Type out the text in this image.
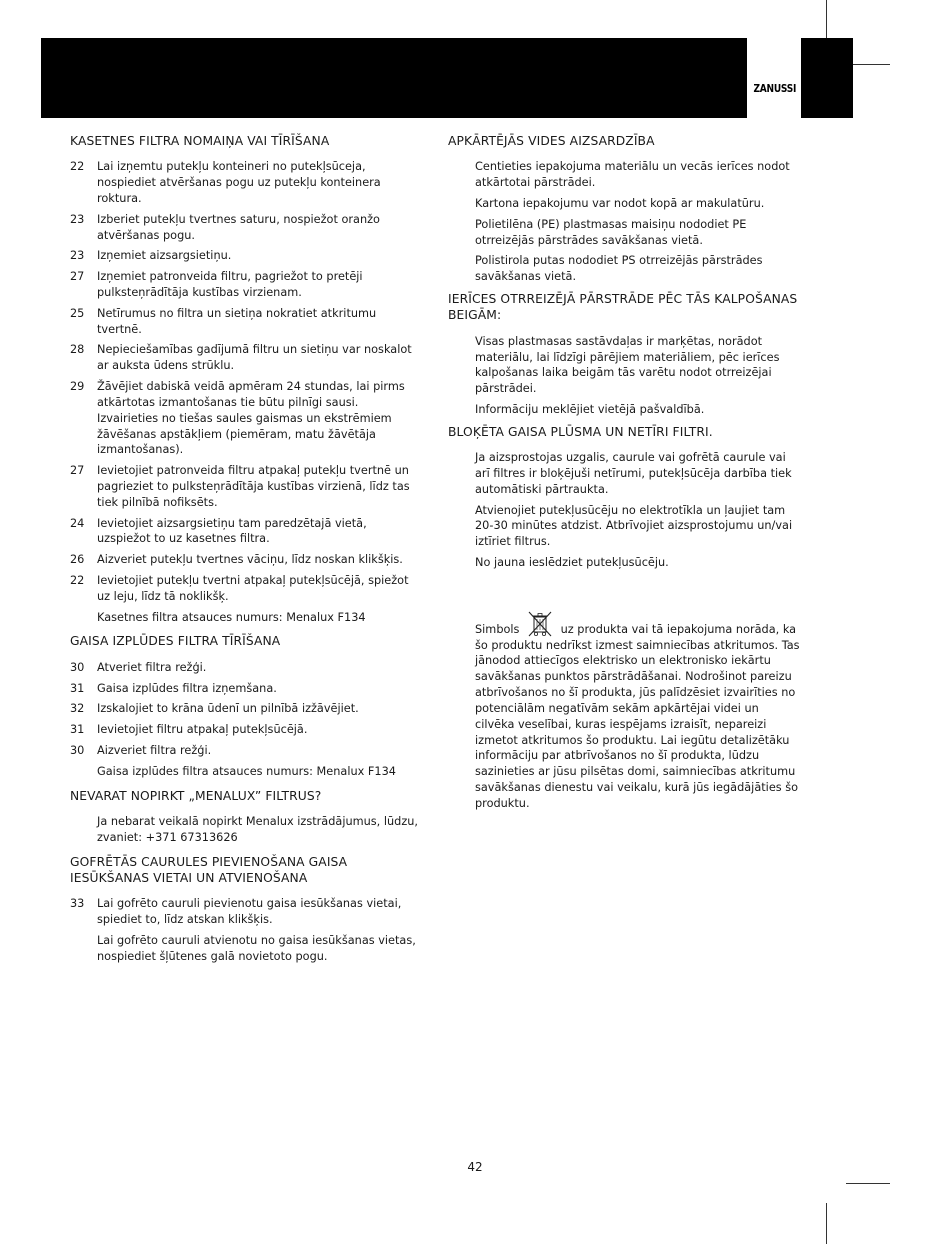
ZANUSSI
KASETNES FILTRA NOMAIŅA VAI TĪRĪŠANA
22	Lai izņemtu putekļu konteineri no putekļsūceja, nospiediet atvēršanas pogu uz putekļu konteinera roktura.
23	Izberiet putekļu tvertnes saturu, nospiežot oranžo atvēršanas pogu.
23	Izņemiet aizsargsietiņu.
27	Izņemiet patronveida filtru, pagriežot to pretēji pulksteņrādītāja kustības virzienam.
25	Netīrumus no filtra un sietiņa nokratiet atkritumu tvertnē.
28	Nepieciešamības gadījumā filtru un sietiņu var noskalot ar auksta ūdens strūklu.
29	Žāvējiet dabiskā veidā apmēram 24 stundas, lai pirms atkārtotas izmantošanas tie būtu pilnīgi sausi. Izvairieties no tiešas saules gaismas un ekstrēmiem žāvēšanas apstākļiem (piemēram, matu žāvētāja izmantošanas).
27	Ievietojiet patronveida filtru atpakaļ putekļu tvertnē un pagrieziet to pulksteņrādītāja kustības virzienā, līdz tas tiek pilnībā nofiksēts.
24	Ievietojiet aizsargsietiņu tam paredzētajā vietā, uzspiežot to uz kasetnes filtra.
26	Aizveriet putekļu tvertnes vāciņu, līdz noskan klikšķis.
22	Ievietojiet putekļu tvertni atpakaļ putekļsūcējā, spiežot uz leju, līdz tā noklikšķ.

Kasetnes filtra atsauces numurs: Menalux F134

GAISA IZPLŪDES FILTRA TĪRĪŠANA
30	Atveriet filtra režģi.
31	Gaisa izplūdes filtra izņemšana.
32	Izskalojiet to krāna ūdenī un pilnībā izžāvējiet.
31	Ievietojiet filtru atpakaļ putekļsūcējā.
30	Aizveriet filtra režģi.

Gaisa izplūdes filtra atsauces numurs: Menalux F134

NEVARAT NOPIRKT „MENALUX” FILTRUS?

Ja nebarat veikalā nopirkt Menalux izstrādājumus, lūdzu, zvaniet: +371 67313626

GOFRĒTĀS CAURULES PIEVIENOŠANA GAISA IESŪKŠANAS VIETAI UN ATVIENOŠANA
33	Lai gofrēto cauruli pievienotu gaisa iesūkšanas vietai, spiediet to, līdz atskan klikšķis.

Lai gofrēto cauruli atvienotu no gaisa iesūkšanas vietas, nospiediet šļūtenes galā novietoto pogu.

APKĀRTĒJĀS VIDES AIZSARDZĪBA

Centieties iepakojuma materiālu un vecās ierīces nodot atkārtotai pārstrādei.

Kartona iepakojumu var nodot kopā ar makulatūru.

Polietilēna (PE) plastmasas maisiņu nododiet PE otrreizējās pārstrādes savākšanas vietā.

Polistirola putas nododiet PS otrreizējās pārstrādes savākšanas vietā.

IERĪCES OTRREIZĒJĀ PĀRSTRĀDE PĒC TĀS KALPOŠANAS BEIGĀM:

Visas plastmasas sastāvdaļas ir marķētas, norādot materiālu, lai līdzīgi pārējiem materiāliem, pēc ierīces kalpošanas laika beigām tās varētu nodot otrreizējai pārstrādei.

Informāciju meklējiet vietējā pašvaldībā.

BLOĶĒTA GAISA PLŪSMA UN NETĪRI FILTRI.

Ja aizsprostojas uzgalis, caurule vai gofrētā caurule vai arī filtres ir bloķējuši netīrumi, putekļsūcēja darbība tiek automātiski pārtraukta.

Atvienojiet putekļusūcēju no elektrotīkla un ļaujiet tam 20-30 minūtes atdzist. Atbrīvojiet aizsprostojumu un/vai iztīriet filtrus.

No jauna ieslēdziet putekļusūcēju.

Simbols	uz produkta vai tā iepakojuma norāda, ka šo produktu nedrīkst izmest saimniecības atkritumos. Tas jānodod attiecīgos elektrisko un elektronisko iekārtu savākšanas punktos pārstrādāšanai. Nodrošinot pareizu atbrīvošanos no šī produkta, jūs palīdzēsiet izvairīties no potenciālām negatīvām sekām apkārtējai videi un cilvēka veselībai, kuras iespējams izraisīt, nepareizi izmetot atkritumos šo produktu. Lai iegūtu detalizētāku informāciju par atbrīvošanos no šī produkta, lūdzu sazinieties ar jūsu pilsētas domi, saimniecības atkritumu savākšanas dienestu vai veikalu, kurā jūs iegādājāties šo produktu.

42
